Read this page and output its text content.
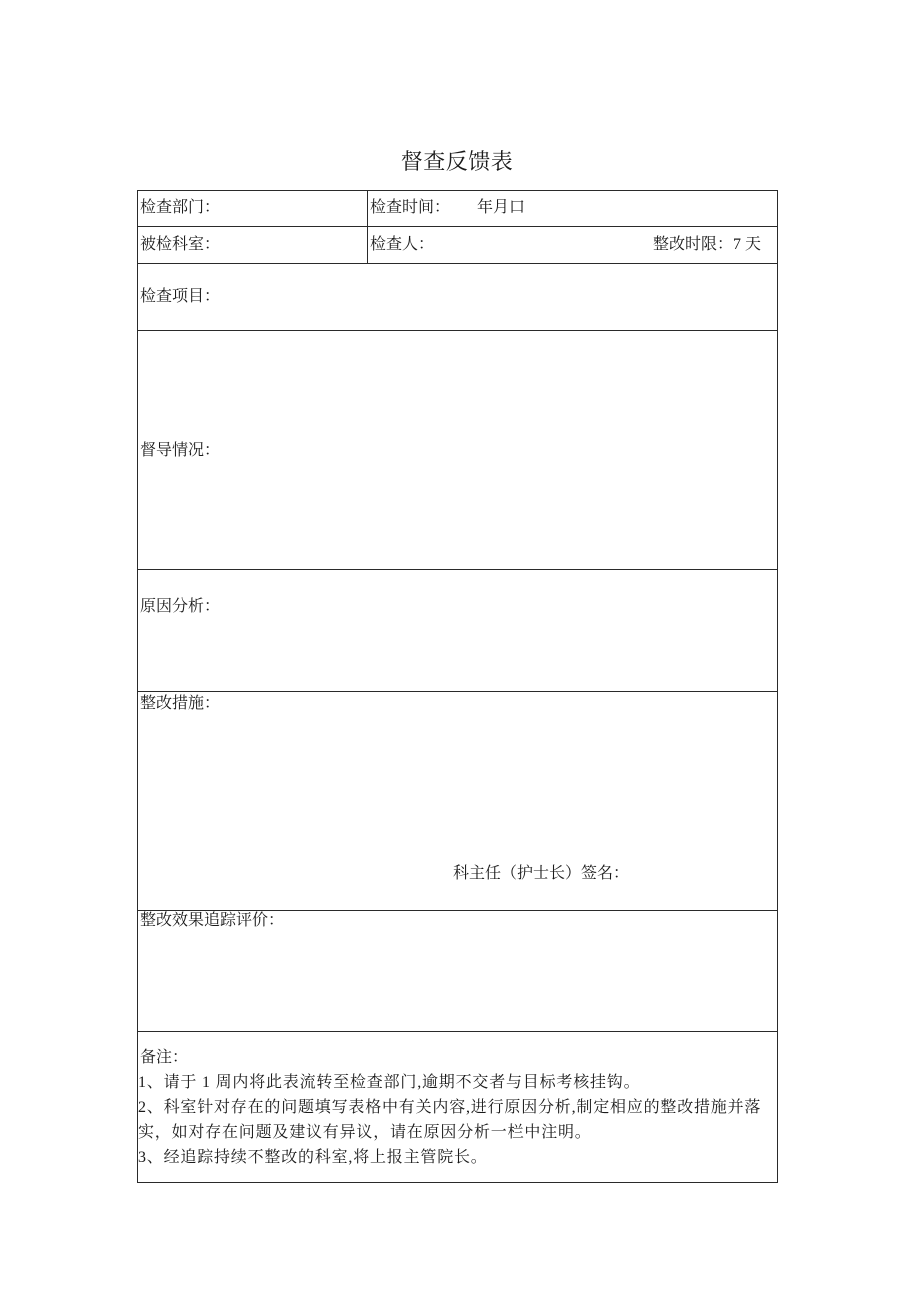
督查反馈表
检查部门：	检查时间： 年月口
被检科室：	检查人：	整改时限：7 天
检查项目：
督导情况：
原因分析：
整改措施：
科主任（护士长）签名：
整改效果追踪评价：
备注：
1、请于 1 周内将此表流转至检查部门,逾期不交者与目标考核挂钩。
2、科室针对存在的问题填写表格中有关内容,进行原因分析,制定相应的整改措施并落
实，如对存在问题及建议有异议，请在原因分析一栏中注明。
3、经追踪持续不整改的科室,将上报主管院长。
